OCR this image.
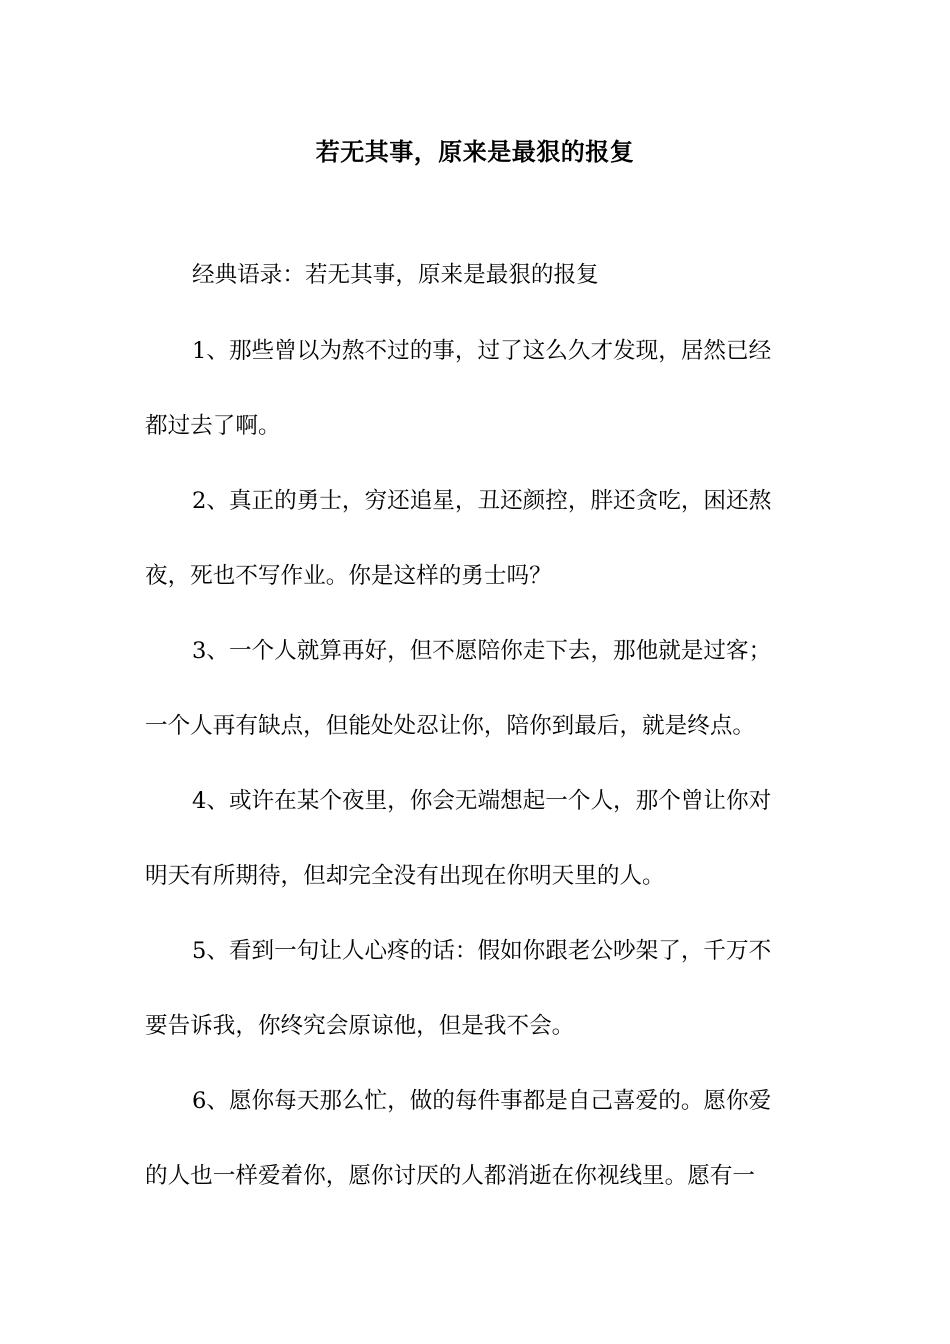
若无其事，原来是最狠的报复
经典语录：若无其事，原来是最狠的报复
1、那些曾以为熬不过的事，过了这么久才发现，居然已经
都过去了啊。
2、真正的勇士，穷还追星，丑还颜控，胖还贪吃，困还熬
夜，死也不写作业。你是这样的勇士吗？
3、一个人就算再好，但不愿陪你走下去，那他就是过客；
一个人再有缺点，但能处处忍让你，陪你到最后，就是终点。
4、或许在某个夜里，你会无端想起一个人，那个曾让你对
明天有所期待，但却完全没有出现在你明天里的人。
5、看到一句让人心疼的话：假如你跟老公吵架了，千万不
要告诉我，你终究会原谅他，但是我不会。
6、愿你每天那么忙，做的每件事都是自己喜爱的。愿你爱
的人也一样爱着你，愿你讨厌的人都消逝在你视线里。愿有一
